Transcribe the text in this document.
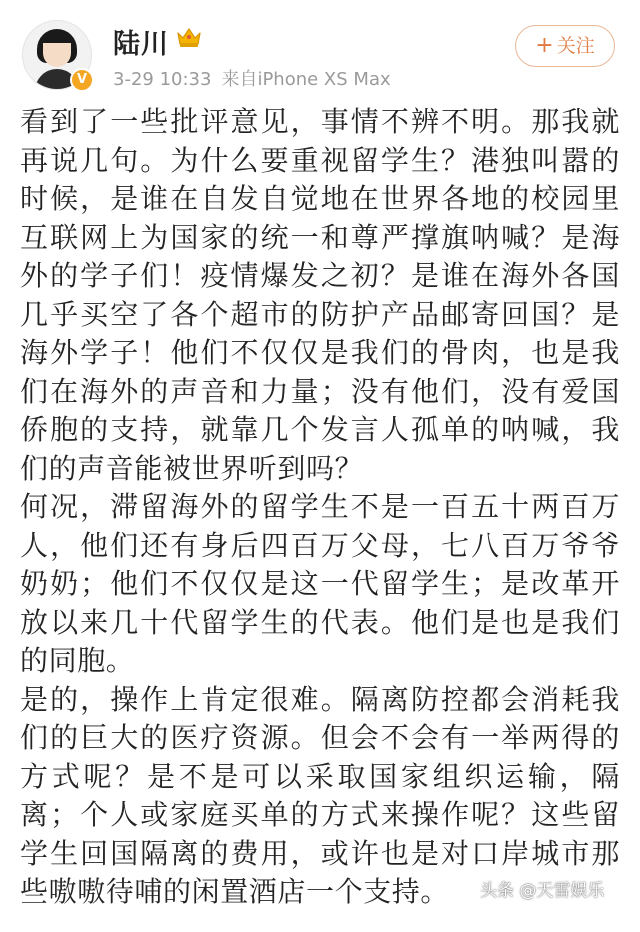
V
陆川
3-29 10:33 来自iPhone XS Max
+ 关注

看到了一些批评意见，事情不辨不明。那我就再说几句。为什么要重视留学生？港独叫嚣的时候，是谁在自发自觉地在世界各地的校园里互联网上为国家的统一和尊严撑旗呐喊？是海外的学子们！疫情爆发之初？是谁在海外各国几乎买空了各个超市的防护产品邮寄回国？是海外学子！他们不仅仅是我们的骨肉，也是我们在海外的声音和力量；没有他们，没有爱国侨胞的支持，就靠几个发言人孤单的呐喊，我们的声音能被世界听到吗？

何况，滞留海外的留学生不是一百五十两百万人，他们还有身后四百万父母，七八百万爷爷奶奶；他们不仅仅是这一代留学生；是改革开放以来几十代留学生的代表。他们是也是我们的同胞。

是的，操作上肯定很难。隔离防控都会消耗我们的巨大的医疗资源。但会不会有一举两得的方式呢？是不是可以采取国家组织运输，隔离；个人或家庭买单的方式来操作呢？这些留学生回国隔离的费用，或许也是对口岸城市那些嗷嗷待哺的闲置酒店一个支持。	头条 @天雷娱乐
